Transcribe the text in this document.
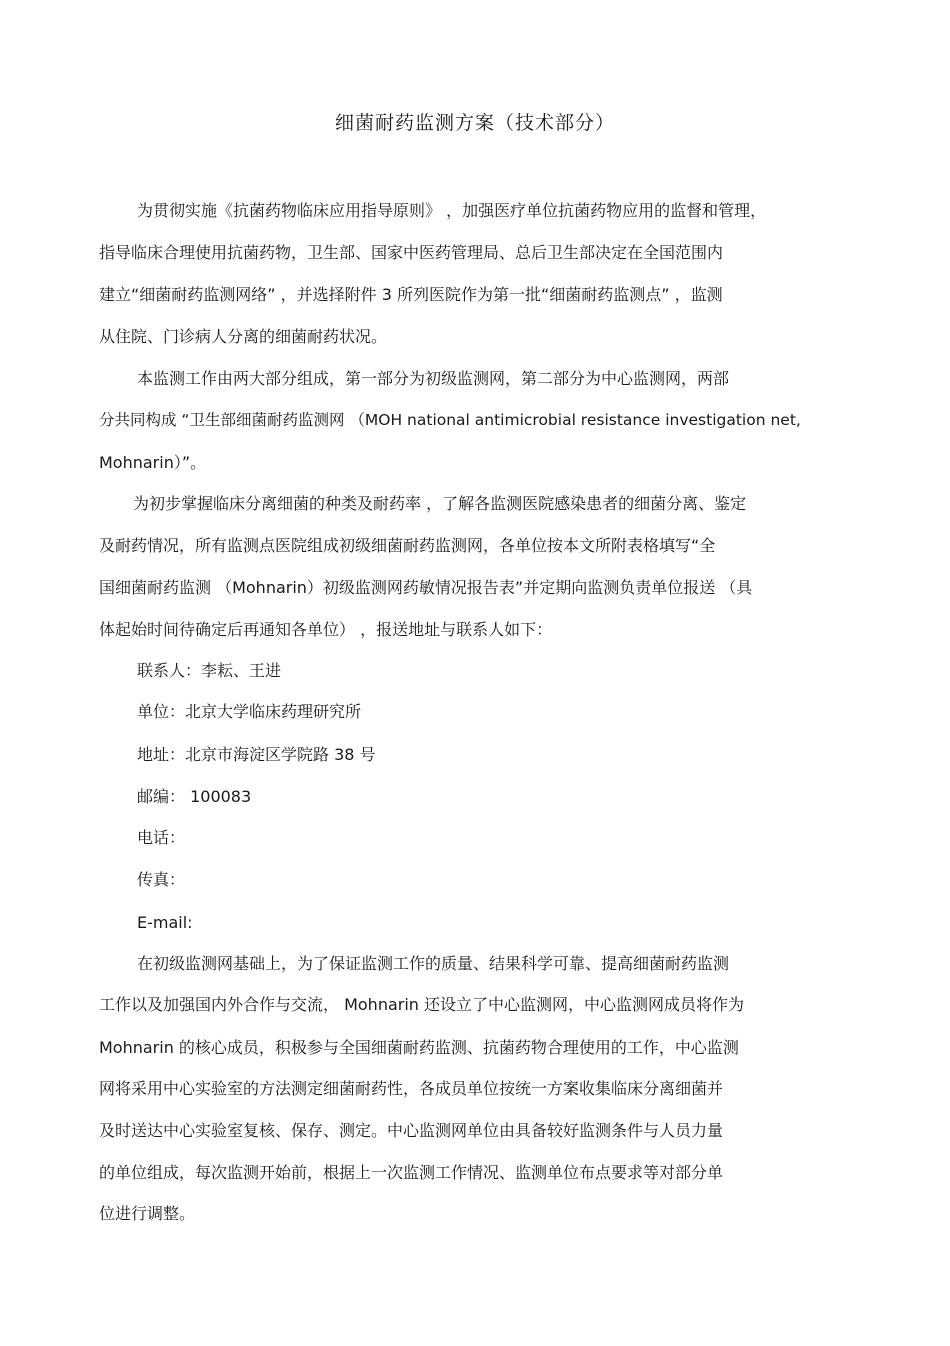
细菌耐药监测方案（技术部分）
为贯彻实施《抗菌药物临床应用指导原则》 ，加强医疗单位抗菌药物应用的监督和管理，
指导临床合理使用抗菌药物，卫生部、国家中医药管理局、总后卫生部决定在全国范围内
建立“细菌耐药监测网络” ，并选择附件 3 所列医院作为第一批“细菌耐药监测点” ，监测
从住院、门诊病人分离的细菌耐药状况。
本监测工作由两大部分组成，第一部分为初级监测网，第二部分为中心监测网，两部
分共同构成 “卫生部细菌耐药监测网 （MOH national antimicrobial resistance investigation net,
Mohnarin）”。
为初步掌握临床分离细菌的种类及耐药率 ，了解各监测医院感染患者的细菌分离、鉴定
及耐药情况，所有监测点医院组成初级细菌耐药监测网，各单位按本文所附表格填写“全
国细菌耐药监测 （Mohnarin）初级监测网药敏情况报告表”并定期向监测负责单位报送 （具
体起始时间待确定后再通知各单位） ，报送地址与联系人如下：
联系人：李耘、王进
单位：北京大学临床药理研究所
地址：北京市海淀区学院路 38 号
邮编： 100083
电话：
传真：
E-mail:
在初级监测网基础上，为了保证监测工作的质量、结果科学可靠、提高细菌耐药监测
工作以及加强国内外合作与交流， Mohnarin 还设立了中心监测网，中心监测网成员将作为
Mohnarin 的核心成员，积极参与全国细菌耐药监测、抗菌药物合理使用的工作，中心监测
网将采用中心实验室的方法测定细菌耐药性，各成员单位按统一方案收集临床分离细菌并
及时送达中心实验室复核、保存、测定。中心监测网单位由具备较好监测条件与人员力量
的单位组成，每次监测开始前，根据上一次监测工作情况、监测单位布点要求等对部分单
位进行调整。
